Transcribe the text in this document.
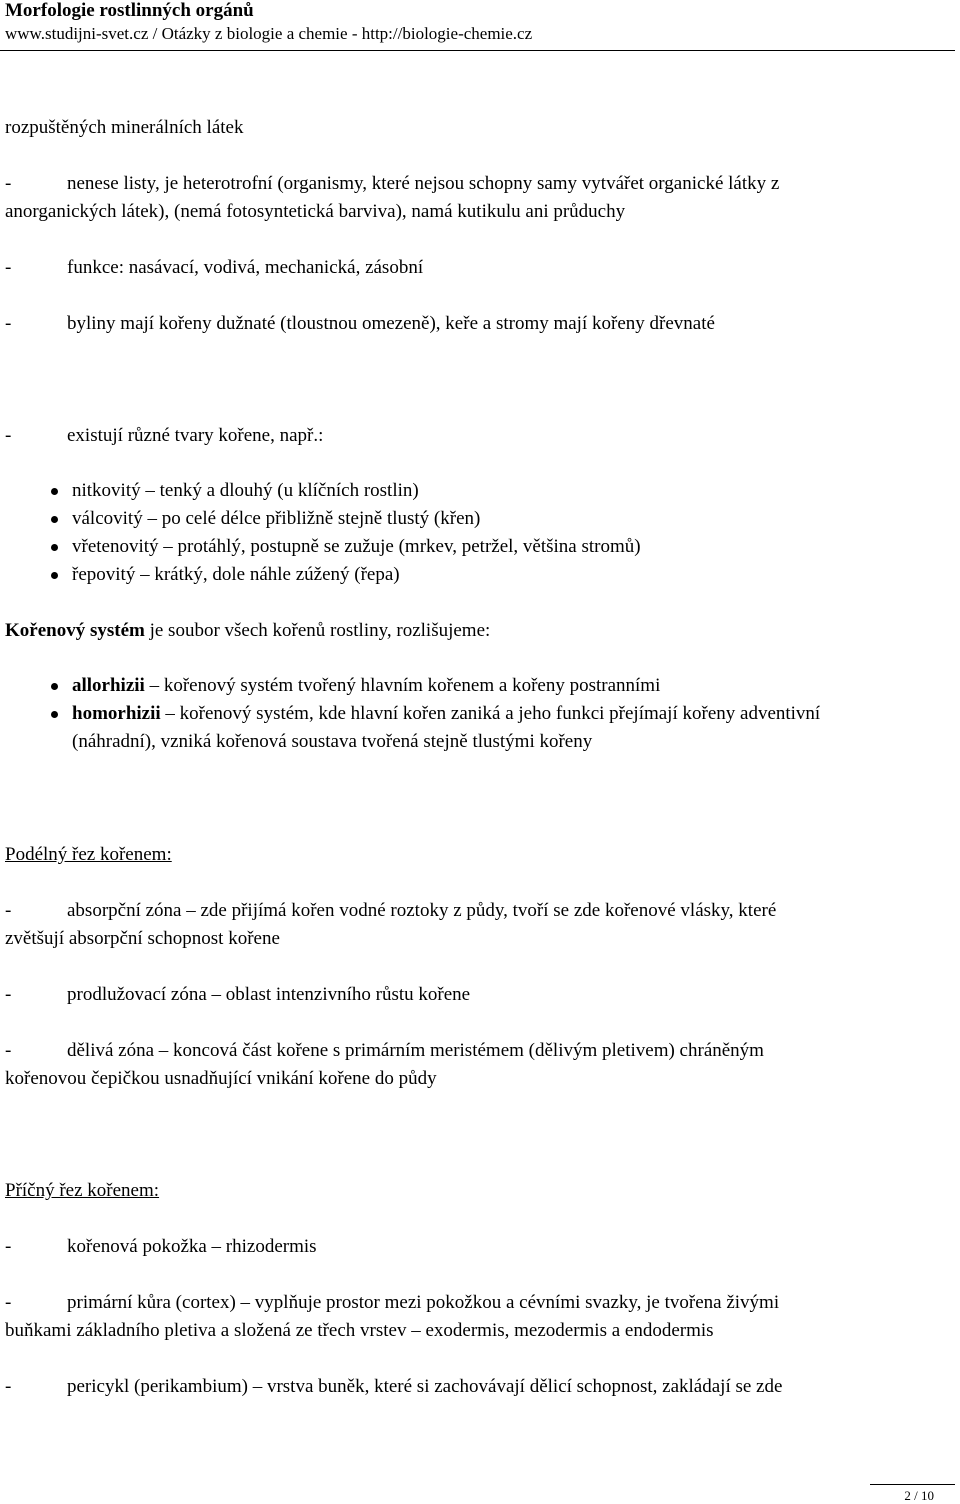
Morfologie rostlinných orgánů
www.studijni-svet.cz / Otázky z biologie a chemie - http://biologie-chemie.cz
rozpuštěných minerálních látek
-	nenese listy, je heterotrofní (organismy, které nejsou schopny samy vytvářet organické látky z
anorganických látek), (nemá fotosyntetická barviva), namá kutikulu ani průduchy
-	funkce: nasávací, vodivá, mechanická, zásobní
-	byliny mají kořeny dužnaté (tloustnou omezeně), keře a stromy mají kořeny dřevnaté
-	existují různé tvary kořene, např.:
nitkovitý – tenký a dlouhý (u klíčních rostlin)
válcovitý – po celé délce přibližně stejně tlustý (křen)
vřetenovitý – protáhlý, postupně se zužuje (mrkev, petržel, většina stromů)
řepovitý – krátký, dole náhle zúžený (řepa)
Kořenový systém je soubor všech kořenů rostliny, rozlišujeme:
allorhizii – kořenový systém tvořený hlavním kořenem a kořeny postranními
homorhizii – kořenový systém, kde hlavní kořen zaniká a jeho funkci přejímají kořeny adventivní
(náhradní), vzniká kořenová soustava tvořená stejně tlustými kořeny
Podélný řez kořenem:
-	absorpční zóna – zde přijímá kořen vodné roztoky z půdy, tvoří se zde kořenové vlásky, které
zvětšují absorpční schopnost kořene
-	prodlužovací zóna – oblast intenzivního růstu kořene
-	dělivá zóna – koncová část kořene s primárním meristémem (dělivým pletivem) chráněným
kořenovou čepičkou usnadňující vnikání kořene do půdy
Příčný řez kořenem:
-	kořenová pokožka – rhizodermis
-	primární kůra (cortex) – vyplňuje prostor mezi pokožkou a cévními svazky, je tvořena živými
buňkami základního pletiva a složená ze třech vrstev – exodermis, mezodermis a endodermis
-	pericykl (perikambium) – vrstva buněk, které si zachovávají dělicí schopnost, zakládají se zde
2 / 10
